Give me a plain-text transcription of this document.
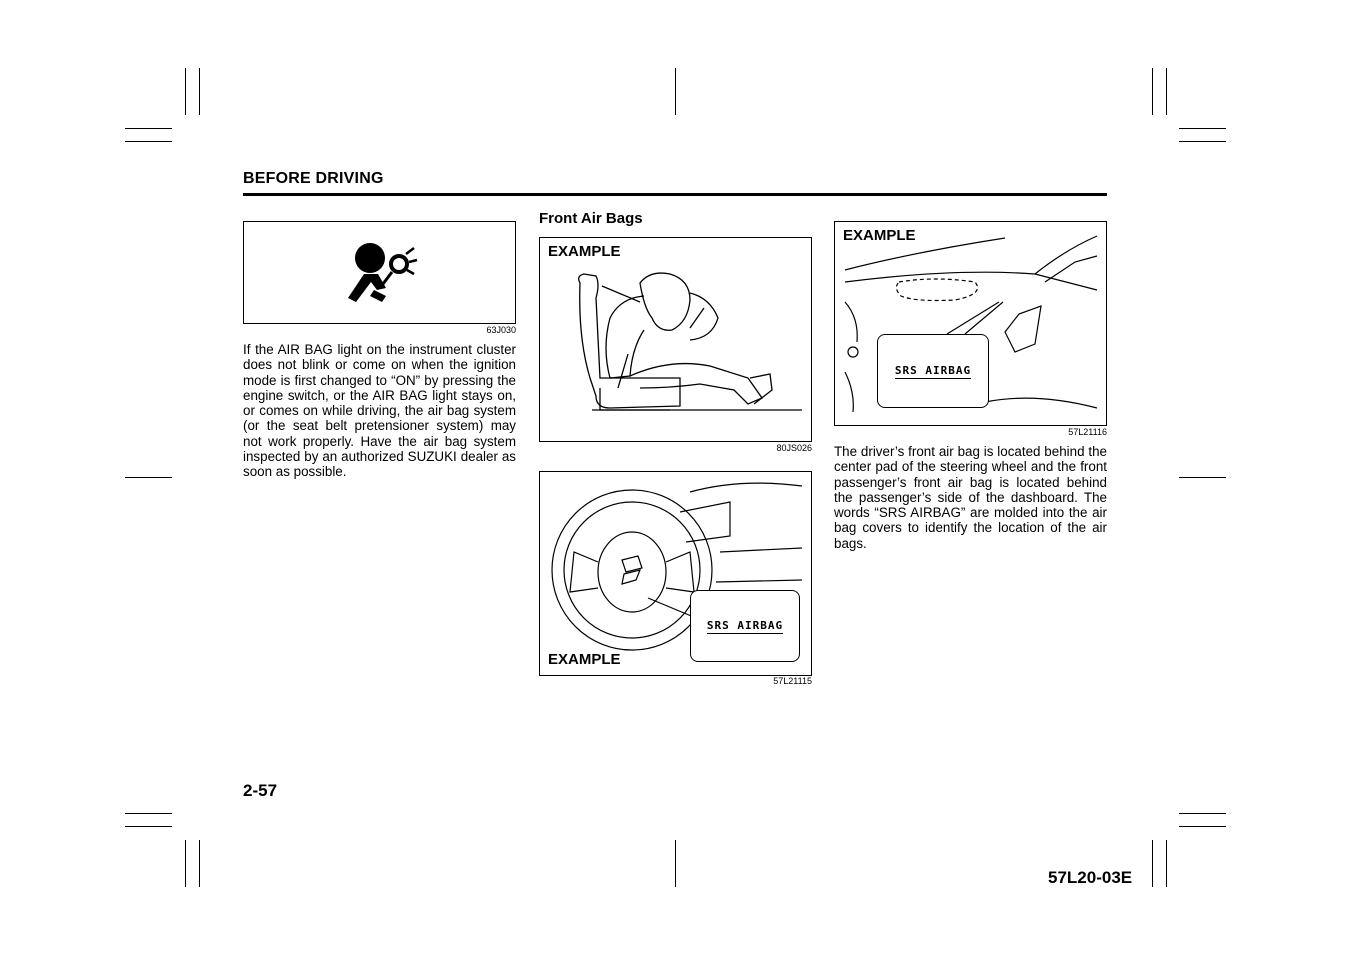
BEFORE DRIVING
63J030

If the AIR BAG light on the instrument cluster does not blink or come on when the ignition mode is first changed to “ON” by pressing the engine switch, or the AIR BAG light stays on, or comes on while driving, the air bag system (or the seat belt pretensioner system) may not work properly. Have the air bag system inspected by an authorized SUZUKI dealer as soon as possible.

Front Air Bags
EXAMPLE
80JS026
SRS AIRBAG
EXAMPLE
57L21115
EXAMPLE
SRS AIRBAG
57L21116

The driver’s front air bag is located behind the center pad of the steering wheel and the front passenger’s front air bag is located behind the passenger’s side of the dashboard. The words “SRS AIRBAG” are molded into the air bag covers to identify the location of the air bags.

2-57
57L20-03E
